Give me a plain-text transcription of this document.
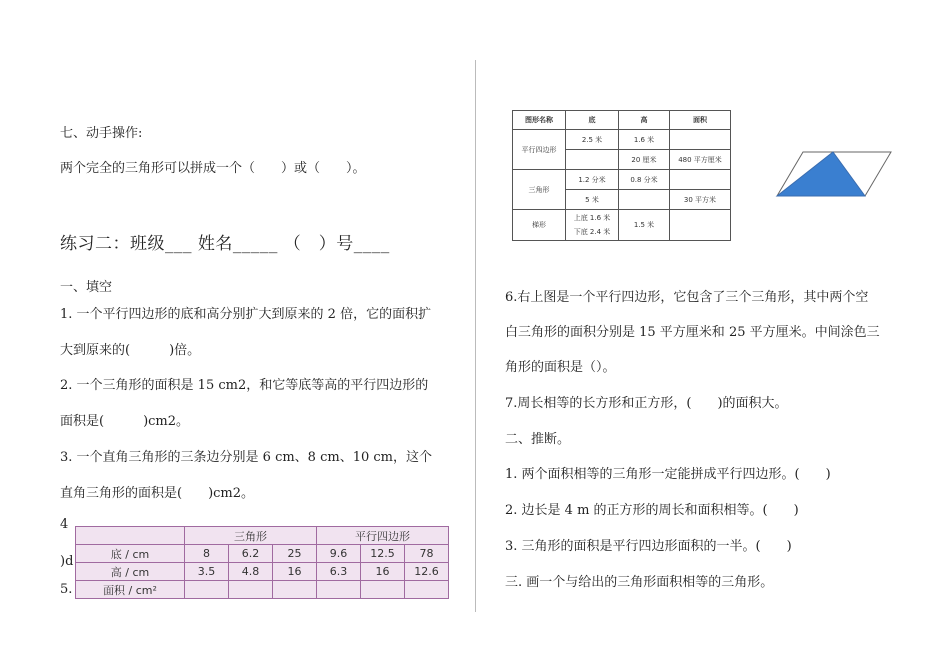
七、动手操作:
两个完全的三角形可以拼成一个（　　）或（　　）。
练习二：班级___ 姓名_____ （　）号____
一、填空
1. 一个平行四边形的底和高分别扩大到原来的 2 倍，它的面积扩
大到原来的(　　　)倍。
2. 一个三角形的面积是 15 cm2，和它等底等高的平行四边形的
面积是(　　　)cm2。
3. 一个直角三角形的三条边分别是 6 cm、8 cm、10 cm，这个
直角三角形的面积是(　　)cm2。
4
)d
5.
	三角形			平行四边形		
底 / cm	8	6.2	25	9.6	12.5	78
高 / cm	3.5	4.8	16	6.3	16	12.6
面积 / cm²						
图形名称	底	高	面积
平行四边形	2.5 米	1.6 米	
		20 厘米	480 平方厘米
三角形	1.2 分米	0.8 分米	
	5 米		30 平方米
梯形	上底 1.6 米
下底 2.4 米	1.5 米	
6.右上图是一个平行四边形，它包含了三个三角形，其中两个空
白三角形的面积分别是 15 平方厘米和 25 平方厘米。中间涂色三
角形的面积是（）。
7.周长相等的长方形和正方形，(　　)的面积大。
二、推断。
1. 两个面积相等的三角形一定能拼成平行四边形。(　　)
2. 边长是 4 m 的正方形的周长和面积相等。(　　)
3. 三角形的面积是平行四边形面积的一半。(　　)
三. 画一个与给出的三角形面积相等的三角形。
